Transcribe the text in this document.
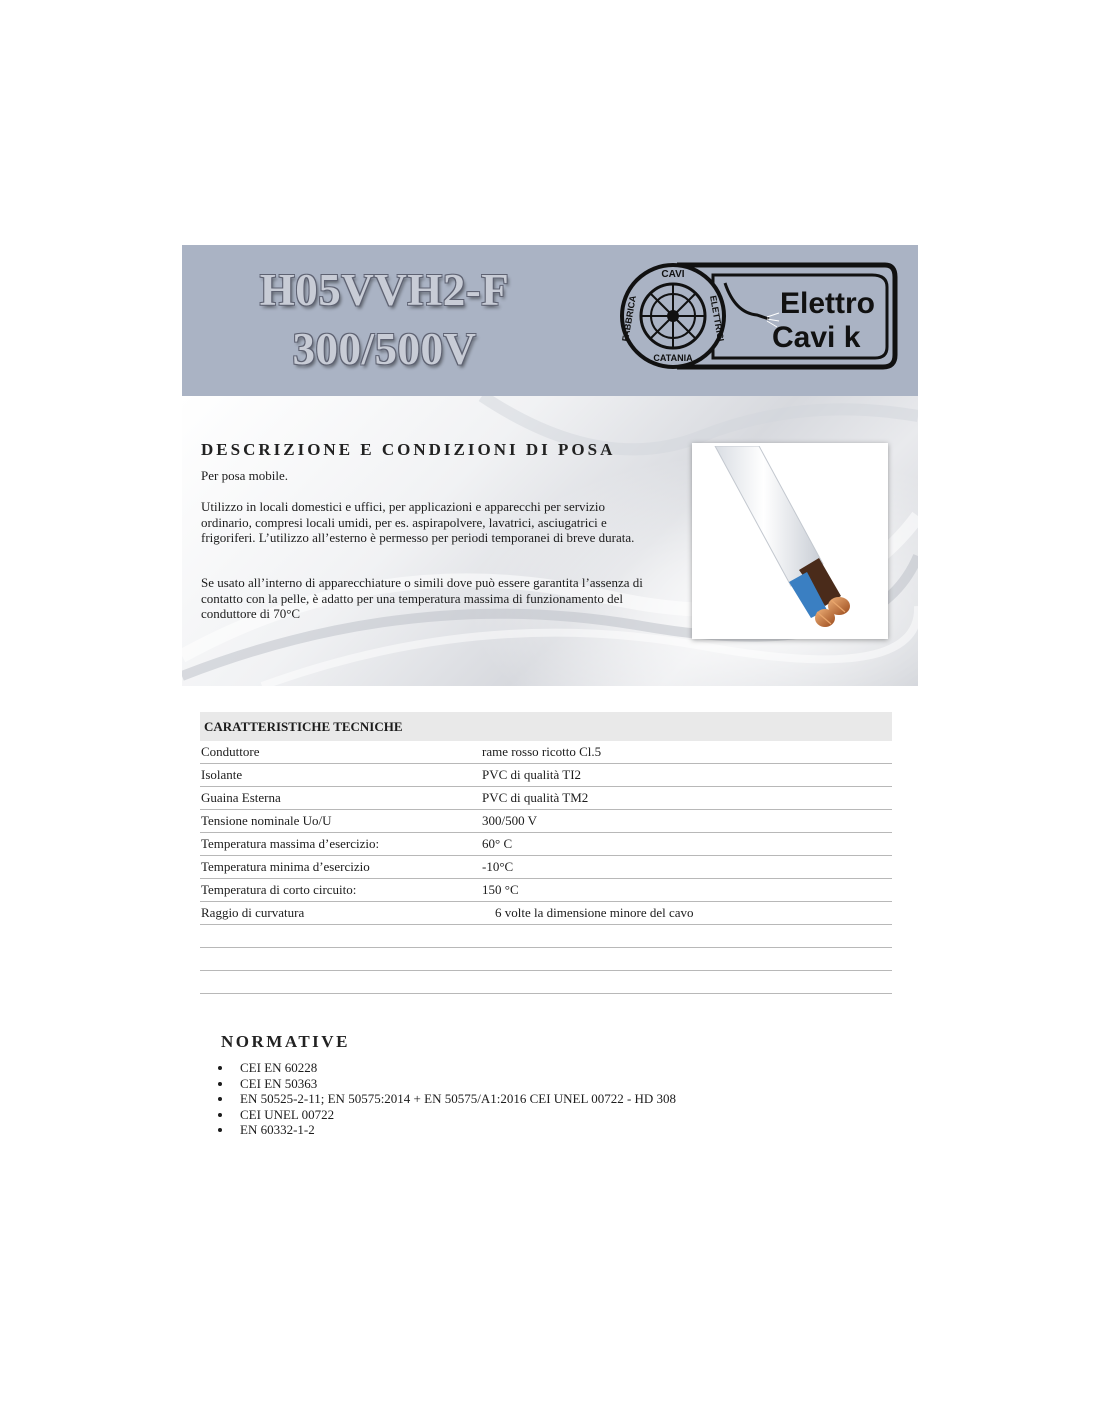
H05VVH2-F
300/500V
CAVI
FABBRICA	ELETTRICI
CATANIA
Elettro
Cavi k
DESCRIZIONE E CONDIZIONI DI POSA
Per posa mobile.
Utilizzo in locali domestici e uffici, per applicazioni e apparecchi per servizio ordinario, compresi locali umidi, per es. aspirapolvere, lavatrici, asciugatrici e frigoriferi. L’utilizzo all’esterno è permesso per periodi temporanei di breve durata.
Se usato all’interno di apparecchiature o simili dove può essere garantita l’assenza di contatto con la pelle, è adatto per una temperatura massima di funzionamento del conduttore di 70°C
CARATTERISTICHE TECNICHE
Conduttore	rame rosso ricotto Cl.5
Isolante	PVC di qualità TI2
Guaina Esterna	PVC di qualità TM2
Tensione nominale Uo/U	300/500 V
Temperatura massima d’esercizio:	60° C
Temperatura minima d’esercizio	-10°C
Temperatura di corto circuito:	150 °C
Raggio di curvatura	6 volte la dimensione minore del cavo
NORMATIVE
CEI EN 60228
CEI EN 50363
EN 50525-2-11; EN 50575:2014 + EN 50575/A1:2016 CEI UNEL 00722 - HD 308
CEI UNEL 00722
EN 60332-1-2
